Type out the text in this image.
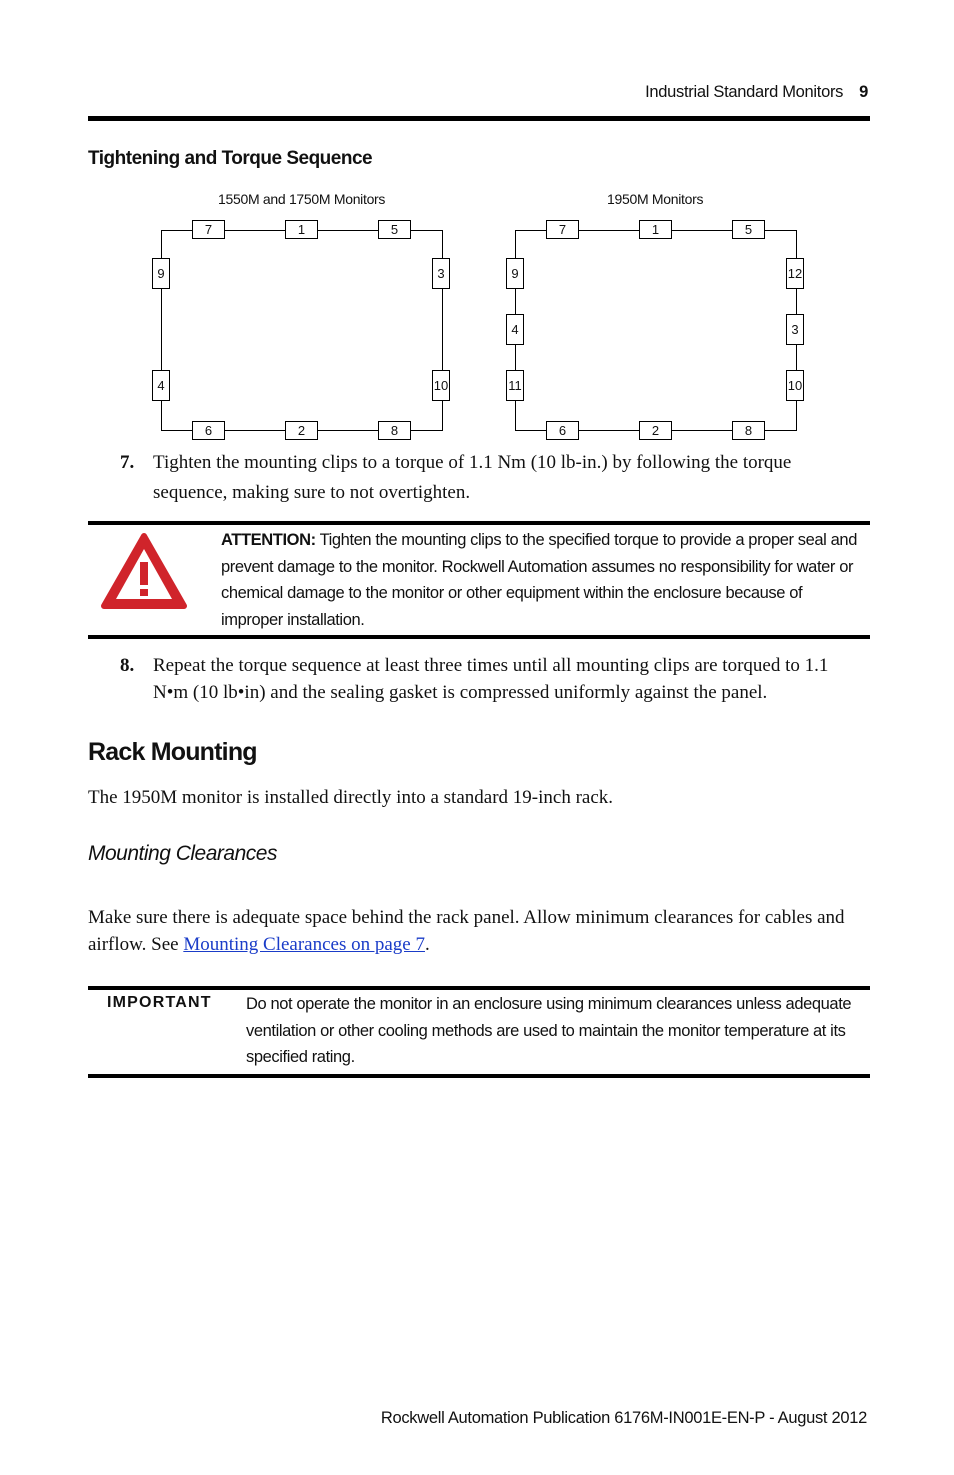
Industrial Standard Monitors 9
Tightening and Torque Sequence
1550M and 1750M Monitors	1950M Monitors
7	1	5
9
4
3
10
6	2	8
7	1	5
9
4
11
12
3
10
6	2	8
7. Tighten the mounting clips to a torque of 1.1 Nm (10 lb-in.) by following the torque sequence, making sure to not overtighten.
ATTENTION: Tighten the mounting clips to the specified torque to provide a proper seal and prevent damage to the monitor. Rockwell Automation assumes no responsibility for water or chemical damage to the monitor or other equipment within the enclosure because of improper installation.
8. Repeat the torque sequence at least three times until all mounting clips are torqued to 1.1 N•m (10 lb•in) and the sealing gasket is compressed uniformly against the panel.
Rack Mounting
The 1950M monitor is installed directly into a standard 19-inch rack.
Mounting Clearances
Make sure there is adequate space behind the rack panel. Allow minimum clearances for cables and airflow. See Mounting Clearances on page 7.
IMPORTANT Do not operate the monitor in an enclosure using minimum clearances unless adequate ventilation or other cooling methods are used to maintain the monitor temperature at its specified rating.
Rockwell Automation Publication 6176M-IN001E-EN-P - August 2012
